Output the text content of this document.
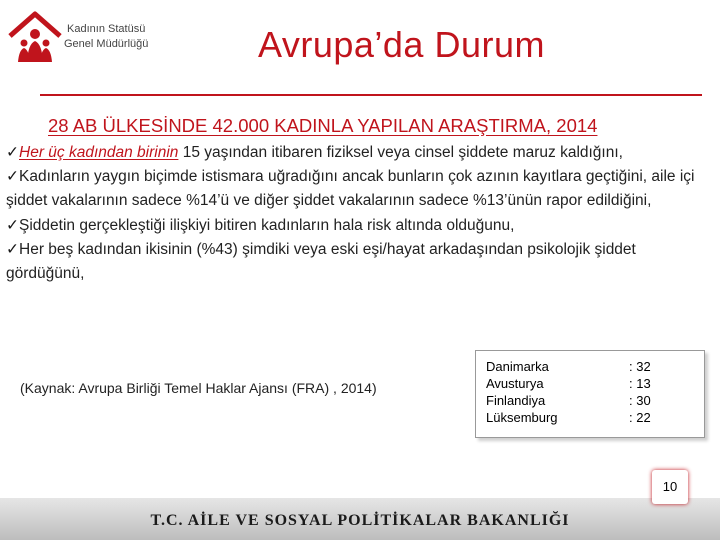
Kadının Statüsü
Genel Müdürlüğü	Avrupa’da Durum
28 AB ÜLKESİNDE 42.000 KADINLA YAPILAN ARAŞTIRMA, 2014

✓Her üç kadından birinin 15 yaşından itibaren fiziksel veya cinsel şiddete maruz kaldığını,

✓Kadınların yaygın biçimde istismara uğradığını ancak bunların çok azının kayıtlara geçtiğini, aile içi şiddet vakalarının sadece %14’ü ve diğer şiddet vakalarının sadece %13’ünün rapor edildiğini,

✓Şiddetin gerçekleştiği ilişkiyi bitiren kadınların hala risk altında olduğunu,

✓Her beş kadından ikisinin (%43) şimdiki veya eski eşi/hayat arkadaşından psikolojik şiddet gördüğünü,

(Kaynak: Avrupa Birliği Temel Haklar Ajansı (FRA) , 2014)
Danimarka	: 32
Avusturya	: 13
Finlandiya	: 30
Lüksemburg	: 22
T.C. AİLE VE SOSYAL POLİTİKALAR BAKANLIĞI
10
